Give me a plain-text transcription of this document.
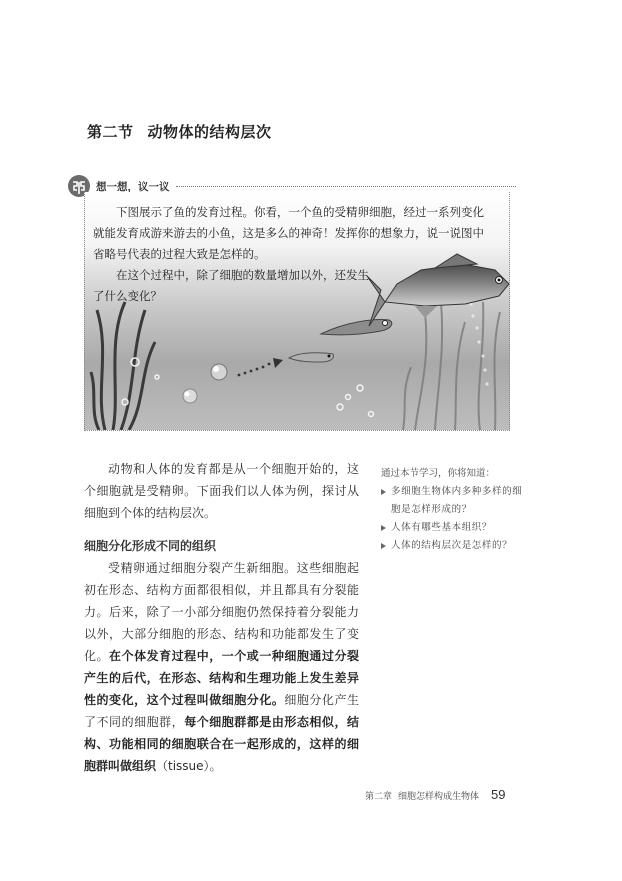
第二节 动物体的结构层次
想一想，议一议

下图展示了鱼的发育过程。你看，一个鱼的受精卵细胞，经过一系列变化就能发育成游来游去的小鱼，这是多么的神奇！发挥你的想象力，说一说图中省略号代表的过程大致是怎样的。

在这个过程中，除了细胞的数量增加以外，还发生了什么变化？

动物和人体的发育都是从一个细胞开始的，这个细胞就是受精卵。下面我们以人体为例，探讨从细胞到个体的结构层次。

通过本节学习，你将知道：

多细胞生物体内多种多样的细胞是怎样形成的？
人体有哪些基本组织？
人体的结构层次是怎样的？
细胞分化形成不同的组织

受精卵通过细胞分裂产生新细胞。这些细胞起初在形态、结构方面都很相似，并且都具有分裂能力。后来，除了一小部分细胞仍然保持着分裂能力以外，大部分细胞的形态、结构和功能都发生了变化。在个体发育过程中，一个或一种细胞通过分裂产生的后代，在形态、结构和生理功能上发生差异性的变化，这个过程叫做细胞分化。细胞分化产生了不同的细胞群，每个细胞群都是由形态相似，结构、功能相同的细胞联合在一起形成的，这样的细胞群叫做组织（tissue）。

第二章 细胞怎样构成生物体 59
